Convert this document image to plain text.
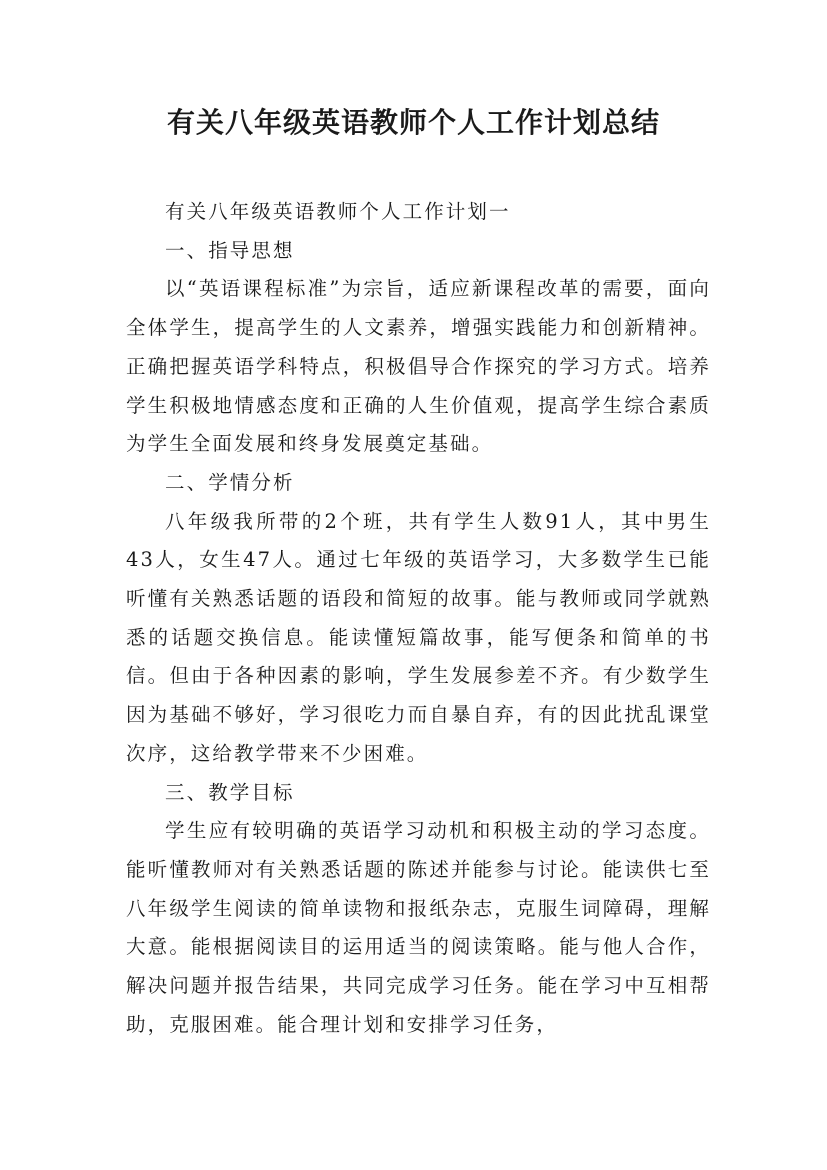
有关八年级英语教师个人工作计划总结

有关八年级英语教师个人工作计划一

一、指导思想

以“英语课程标准”为宗旨，适应新课程改革的需要，面向全体学生，提高学生的人文素养，增强实践能力和创新精神。正确把握英语学科特点，积极倡导合作探究的学习方式。培养学生积极地情感态度和正确的人生价值观，提高学生综合素质为学生全面发展和终身发展奠定基础。

二、学情分析

八年级我所带的2个班，共有学生人数91人，其中男生43人，女生47人。通过七年级的英语学习，大多数学生已能听懂有关熟悉话题的语段和简短的故事。能与教师或同学就熟悉的话题交换信息。能读懂短篇故事，能写便条和简单的书信。但由于各种因素的影响，学生发展参差不齐。有少数学生因为基础不够好，学习很吃力而自暴自弃，有的因此扰乱课堂次序，这给教学带来不少困难。

三、教学目标

学生应有较明确的英语学习动机和积极主动的学习态度。能听懂教师对有关熟悉话题的陈述并能参与讨论。能读供七至八年级学生阅读的简单读物和报纸杂志，克服生词障碍，理解大意。能根据阅读目的运用适当的阅读策略。能与他人合作，解决问题并报告结果，共同完成学习任务。能在学习中互相帮助，克服困难。能合理计划和安排学习任务，
